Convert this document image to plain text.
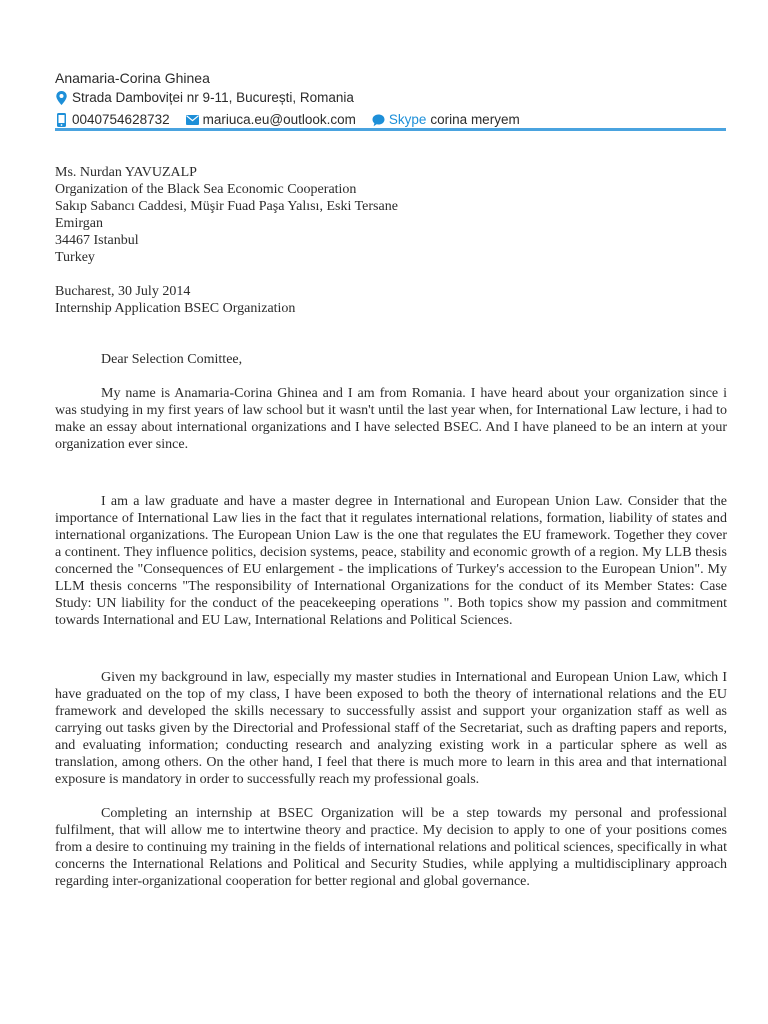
Anamaria-Corina Ghinea
Strada Damboviței nr 9-11, București, Romania
0040754628732 mariuca.eu@outlook.com Skype corina meryem

Ms. Nurdan YAVUZALP

Organization of the Black Sea Economic Cooperation

Sakıp Sabancı Caddesi, Müşir Fuad Paşa Yalısı, Eski Tersane

Emirgan

34467 Istanbul

Turkey

Bucharest, 30 July 2014

Internship Application BSEC Organization

Dear Selection Comittee,

My name is Anamaria-Corina Ghinea and I am from Romania. I have heard about your organization since i was studying in my first years of law school but it wasn't until the last year when, for International Law lecture, i had to make an essay about international organizations and I have selected BSEC. And I have planeed to be an intern at your organization ever since.

I am a law graduate and have a master degree in International and European Union Law. Consider that the importance of International Law lies in the fact that it regulates international relations, formation, liability of states and international organizations. The European Union Law is the one that regulates the EU framework. Together they cover a continent. They influence politics, decision systems, peace, stability and economic growth of a region. My LLB thesis concerned the "Consequences of EU enlargement - the implications of Turkey's accession to the European Union". My LLM thesis concerns "The responsibility of International Organizations for the conduct of its Member States: Case Study: UN liability for the conduct of the peacekeeping operations ". Both topics show my passion and commitment towards International and EU Law, International Relations and Political Sciences.

Given my background in law, especially my master studies in International and European Union Law, which I have graduated on the top of my class, I have been exposed to both the theory of international relations and the EU framework and developed the skills necessary to successfully assist and support your organization staff as well as carrying out tasks given by the Directorial and Professional staff of the Secretariat, such as drafting papers and reports, and evaluating information; conducting research and analyzing existing work in a particular sphere as well as translation, among others. On the other hand, I feel that there is much more to learn in this area and that international exposure is mandatory in order to successfully reach my professional goals.

Completing an internship at BSEC Organization will be a step towards my personal and professional fulfilment, that will allow me to intertwine theory and practice. My decision to apply to one of your positions comes from a desire to continuing my training in the fields of international relations and political sciences, specifically in what concerns the International Relations and Political and Security Studies, while applying a multidisciplinary approach regarding inter-organizational cooperation for better regional and global governance.
